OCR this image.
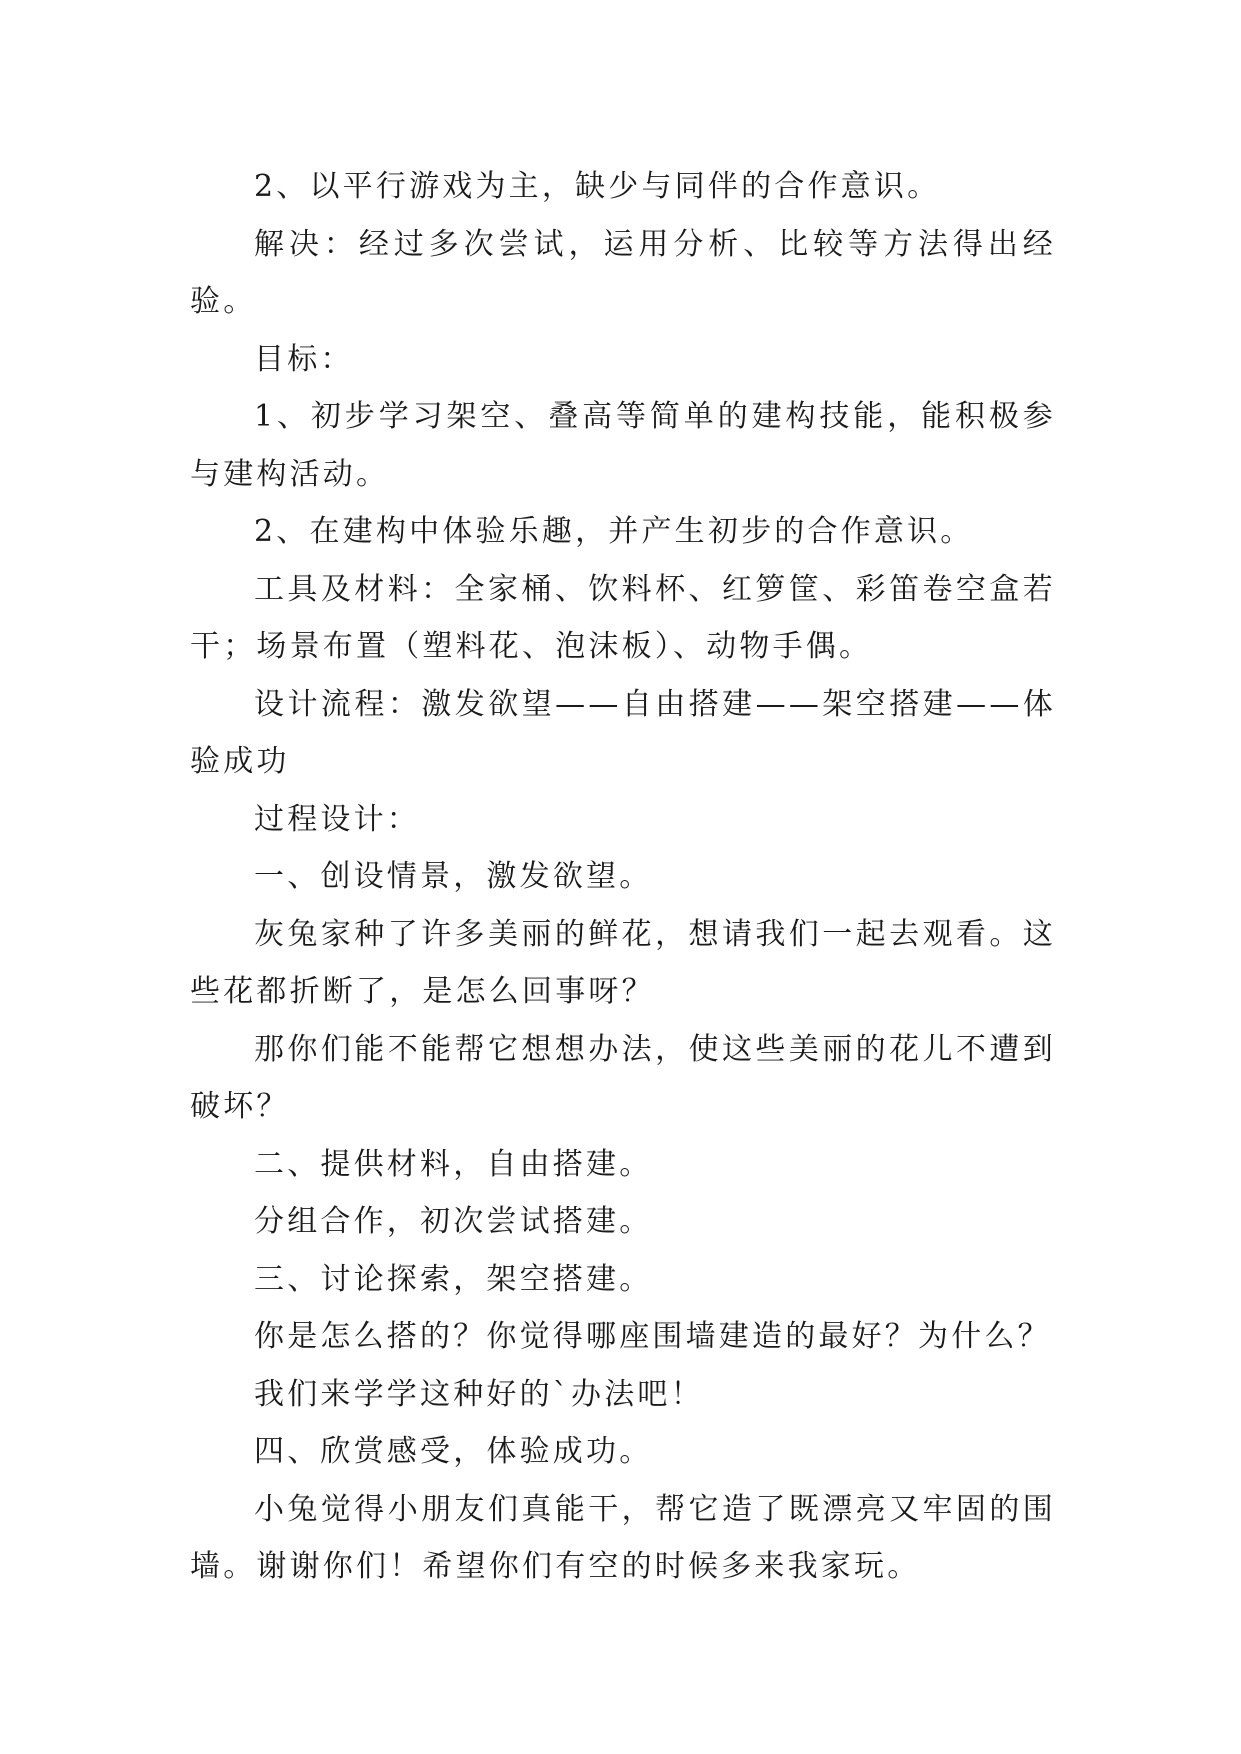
2、以平行游戏为主，缺少与同伴的合作意识。

解决：经过多次尝试，运用分析、比较等方法得出经验。

目标：

1、初步学习架空、叠高等简单的建构技能，能积极参与建构活动。

2、在建构中体验乐趣，并产生初步的合作意识。

工具及材料：全家桶、饮料杯、红箩筐、彩笛卷空盒若干；场景布置（塑料花、泡沫板）、动物手偶。

设计流程：激发欲望——自由搭建——架空搭建——体验成功

过程设计：

一、创设情景，激发欲望。

灰兔家种了许多美丽的鲜花，想请我们一起去观看。这些花都折断了，是怎么回事呀？

那你们能不能帮它想想办法，使这些美丽的花儿不遭到破坏？

二、提供材料，自由搭建。

分组合作，初次尝试搭建。

三、讨论探索，架空搭建。

你是怎么搭的？你觉得哪座围墙建造的最好？为什么？

我们来学学这种好的`办法吧！

四、欣赏感受，体验成功。

小兔觉得小朋友们真能干，帮它造了既漂亮又牢固的围墙。谢谢你们！希望你们有空的时候多来我家玩。
